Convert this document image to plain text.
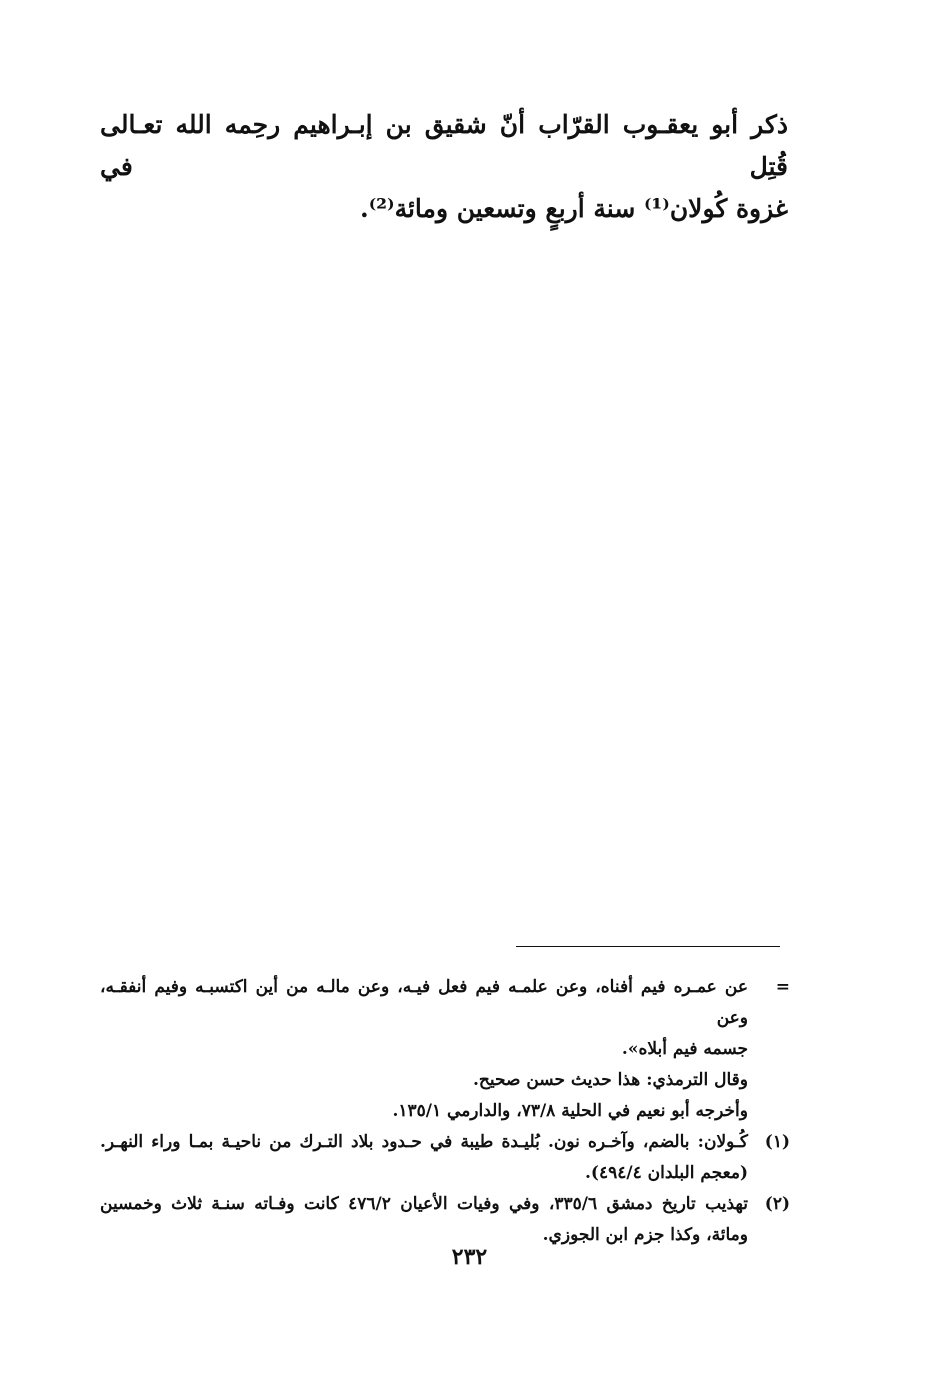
ذكر أبو يعقـوب القرّاب أنّ شقيق بن إبـراهيم رحِمه الله تعـالى قُتِل في
غزوة كُولان⁽¹⁾ سنة أربعٍ وتسعين ومائة⁽²⁾.
=
عن عمـره فيم أفناه، وعن علمـه فيم فعل فيـه، وعن مالـه من أين اكتسبـه وفيم أنفقـه، وعن
جسمه فيم أبلاه».
وقال الترمذي: هذا حديث حسن صحيح.
وأخرجه أبو نعيم في الحلية ٧٣/٨، والدارمي ١٣٥/١.
(١)
كُـولان: بالضم، وآخـره نون. بُليـدة طيبة في حـدود بلاد التـرك من ناحيـة بمـا وراء النهـر.
(معجم البلدان ٤٩٤/٤).
(٢)
تهذيب تاريخ دمشق ٣٣٥/٦، وفي وفيات الأعيان ٤٧٦/٢ كانت وفـاته سنـة ثلاث وخمسين
ومائة، وكذا جزم ابن الجوزي.
٢٣٢
